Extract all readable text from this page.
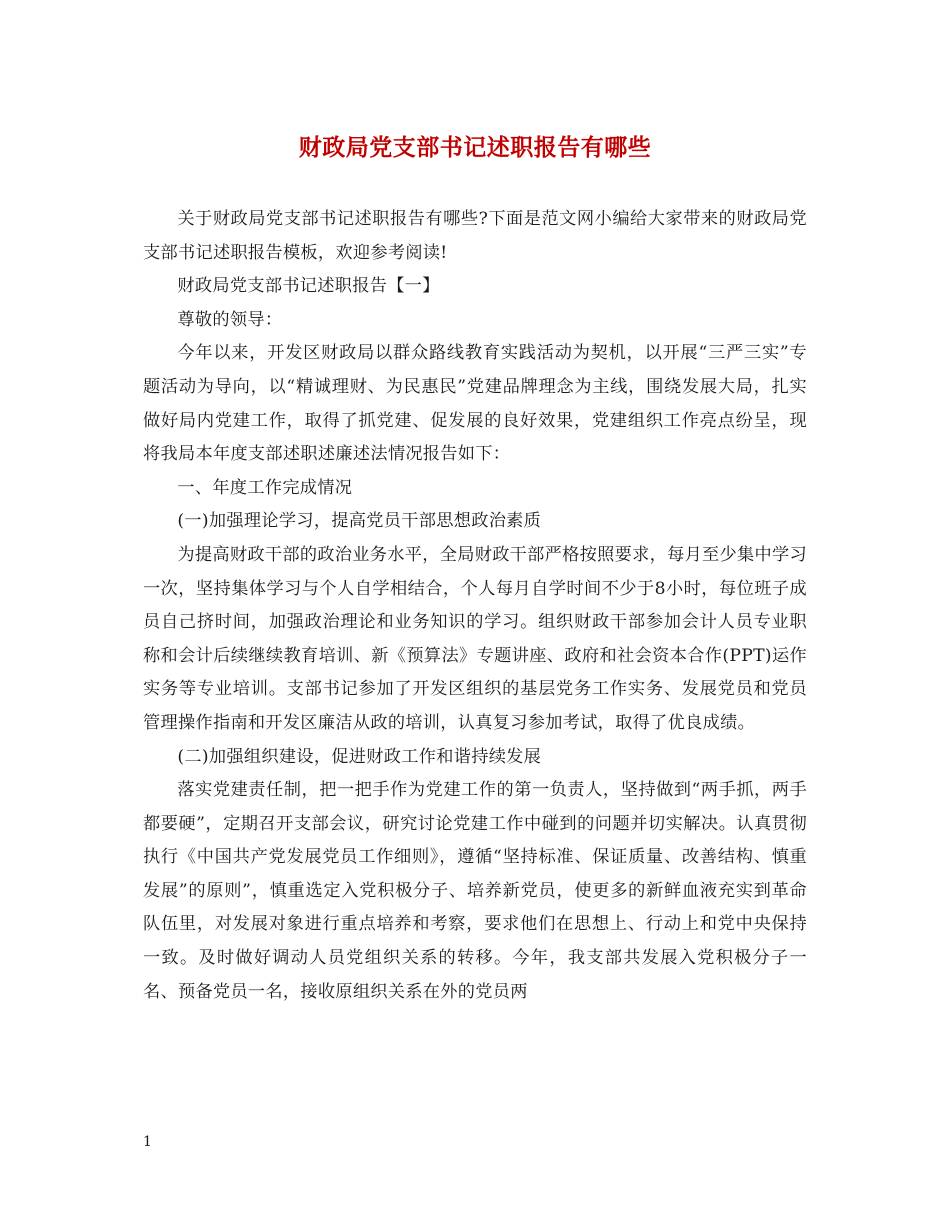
财政局党支部书记述职报告有哪些

关于财政局党支部书记述职报告有哪些?下面是范文网小编给大家带来的财政局党支部书记述职报告模板，欢迎参考阅读!

财政局党支部书记述职报告【一】

尊敬的领导：

今年以来，开发区财政局以群众路线教育实践活动为契机，以开展“三严三实”专题活动为导向，以“精诚理财、为民惠民”党建品牌理念为主线，围绕发展大局，扎实做好局内党建工作，取得了抓党建、促发展的良好效果，党建组织工作亮点纷呈，现将我局本年度支部述职述廉述法情况报告如下：

一、年度工作完成情况

(一)加强理论学习，提高党员干部思想政治素质

为提高财政干部的政治业务水平，全局财政干部严格按照要求，每月至少集中学习一次，坚持集体学习与个人自学相结合，个人每月自学时间不少于8小时，每位班子成员自己挤时间，加强政治理论和业务知识的学习。组织财政干部参加会计人员专业职称和会计后续继续教育培训、新《预算法》专题讲座、政府和社会资本合作(PPT)运作实务等专业培训。支部书记参加了开发区组织的基层党务工作实务、发展党员和党员管理操作指南和开发区廉洁从政的培训，认真复习参加考试，取得了优良成绩。

(二)加强组织建设，促进财政工作和谐持续发展

落实党建责任制，把一把手作为党建工作的第一负责人，坚持做到“两手抓，两手都要硬”，定期召开支部会议，研究讨论党建工作中碰到的问题并切实解决。认真贯彻执行《中国共产党发展党员工作细则》，遵循“坚持标准、保证质量、改善结构、慎重发展”的原则”，慎重选定入党积极分子、培养新党员，使更多的新鲜血液充实到革命队伍里，对发展对象进行重点培养和考察，要求他们在思想上、行动上和党中央保持一致。及时做好调动人员党组织关系的转移。今年，我支部共发展入党积极分子一名、预备党员一名，接收原组织关系在外的党员两

1
